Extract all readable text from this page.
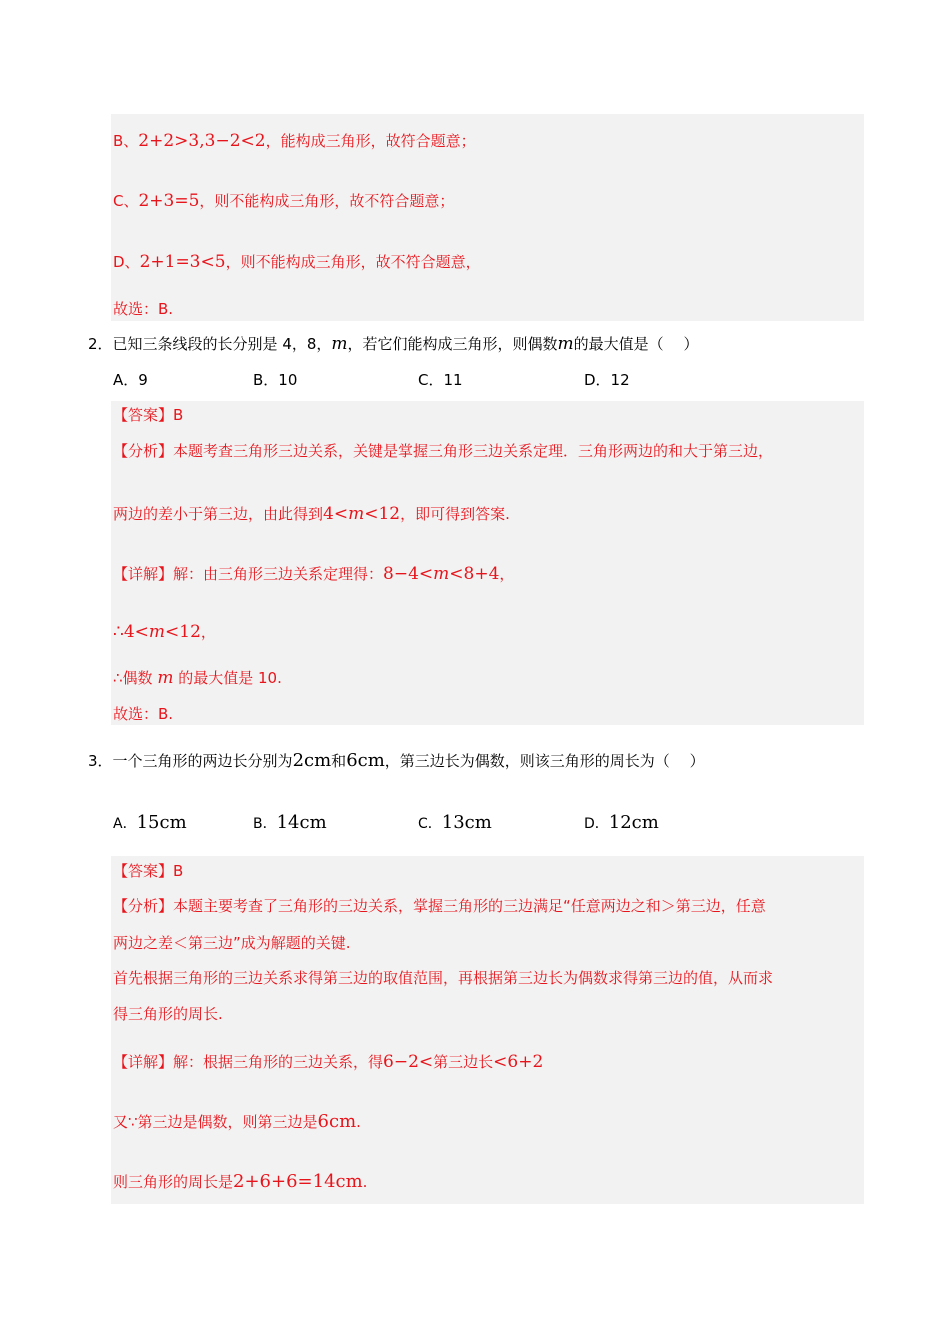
B、2+2>3,3−2<2，能构成三角形，故符合题意；
C、2+3=5，则不能构成三角形，故不符合题意；
D、2+1=3<5，则不能构成三角形，故不符合题意，
故选：B.
2．已知三条线段的长分别是 4，8，m，若它们能构成三角形，则偶数m的最大值是（　 ）
A．9	B．10	C．11	D．12
【答案】B
【分析】本题考查三角形三边关系，关键是掌握三角形三边关系定理．三角形两边的和大于第三边，
两边的差小于第三边，由此得到4<m<12，即可得到答案.
【详解】解：由三角形三边关系定理得：8−4<m<8+4，
∴4<m<12，
∴偶数 m 的最大值是 10.
故选：B.
3．一个三角形的两边长分别为2cm和6cm，第三边长为偶数，则该三角形的周长为（　 ）
A．15cm	B．14cm	C．13cm	D．12cm
【答案】B
【分析】本题主要考查了三角形的三边关系，掌握三角形的三边满足“任意两边之和＞第三边，任意
两边之差＜第三边”成为解题的关键.
首先根据三角形的三边关系求得第三边的取值范围，再根据第三边长为偶数求得第三边的值，从而求
得三角形的周长.
【详解】解：根据三角形的三边关系，得6−2<第三边长<6+2
又∵第三边是偶数，则第三边是6cm.
则三角形的周长是2+6+6=14cm.
